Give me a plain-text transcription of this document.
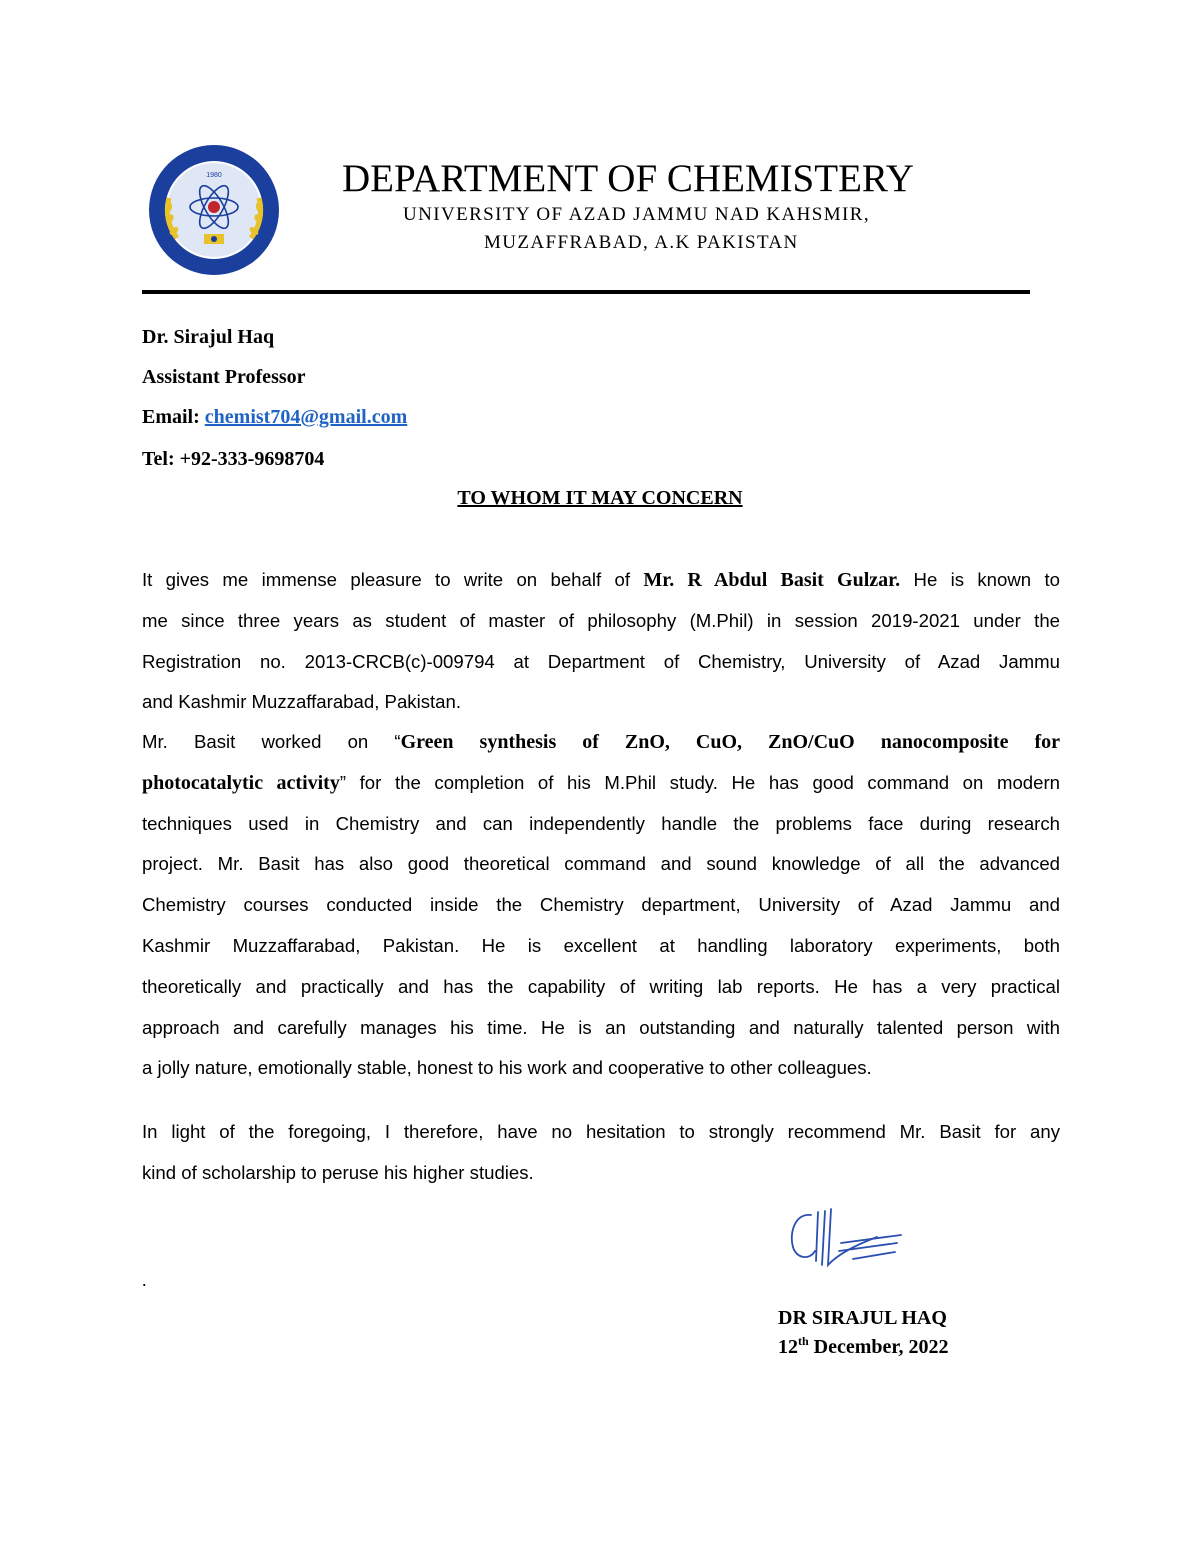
1980	DEPARTMENT OF CHEMISTERY
UNIVERSITY OF AZAD JAMMU NAD KAHSMIR,
MUZAFFRABAD, A.K PAKISTAN
Dr. Sirajul Haq
Assistant Professor
Email: chemist704@gmail.com
Tel: +92-333-9698704
TO WHOM IT MAY CONCERN
It gives me immense pleasure to write on behalf of Mr. R Abdul Basit Gulzar. He is known to
me since three years as student of master of philosophy (M.Phil) in session 2019-2021 under the
Registration no. 2013-CRCB(c)-009794 at Department of Chemistry, University of Azad Jammu
and Kashmir Muzzaffarabad, Pakistan.
Mr. Basit worked on “Green synthesis of ZnO, CuO, ZnO/CuO nanocomposite for
photocatalytic activity” for the completion of his M.Phil study. He has good command on modern
techniques used in Chemistry and can independently handle the problems face during research
project. Mr. Basit has also good theoretical command and sound knowledge of all the advanced
Chemistry courses conducted inside the Chemistry department, University of Azad Jammu and
Kashmir Muzzaffarabad, Pakistan. He is excellent at handling laboratory experiments, both
theoretically and practically and has the capability of writing lab reports. He has a very practical
approach and carefully manages his time. He is an outstanding and naturally talented person with
a jolly nature, emotionally stable, honest to his work and cooperative to other colleagues.
In light of the foregoing, I therefore, have no hesitation to strongly recommend Mr. Basit for any
kind of scholarship to peruse his higher studies.
.
DR SIRAJUL HAQ
12th December, 2022
